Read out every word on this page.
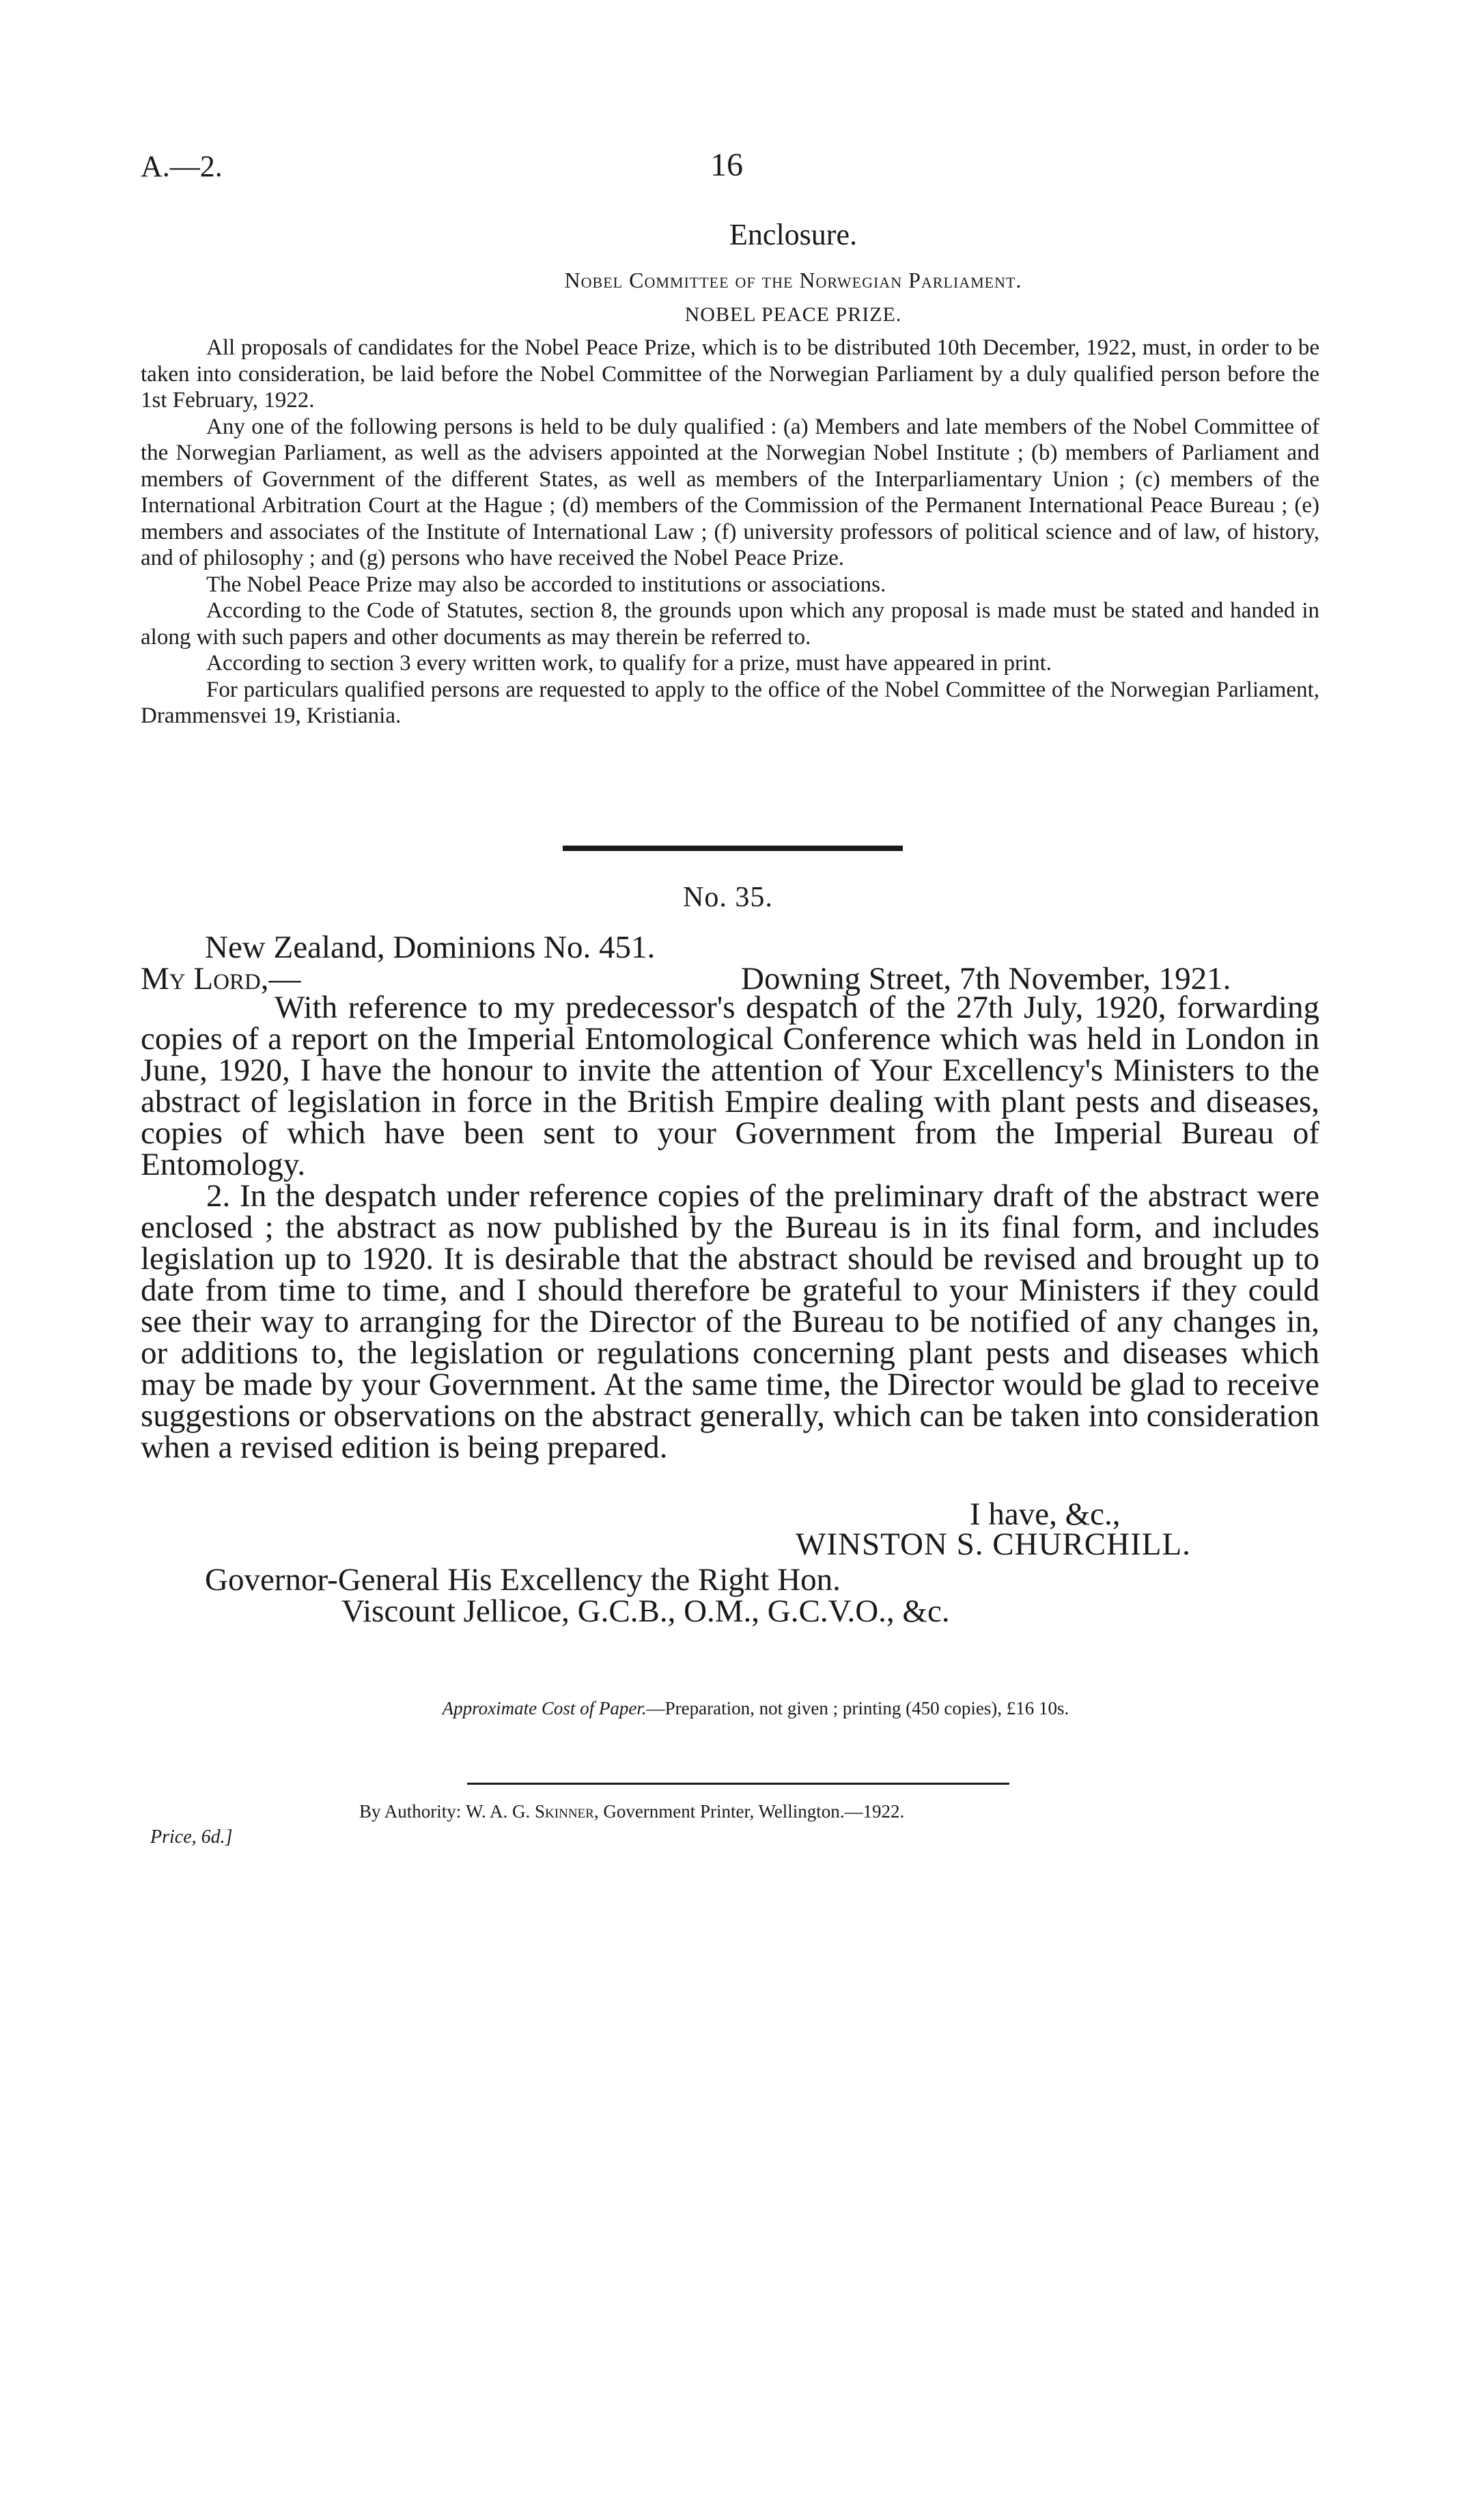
A.—2.	16
Enclosure.
Nobel Committee of the Norwegian Parliament.
NOBEL PEACE PRIZE.

All proposals of candidates for the Nobel Peace Prize, which is to be distributed 10th December, 1922, must, in order to be taken into consideration, be laid before the Nobel Committee of the Norwegian Parliament by a duly qualified person before the 1st February, 1922.

Any one of the following persons is held to be duly qualified : (a) Members and late members of the Nobel Committee of the Norwegian Parliament, as well as the advisers appointed at the Norwegian Nobel Institute ; (b) members of Parliament and members of Government of the different States, as well as members of the Interparliamentary Union ; (c) members of the International Arbitration Court at the Hague ; (d) members of the Commission of the Permanent International Peace Bureau ; (e) members and associates of the Institute of International Law ; (f) university professors of political science and of law, of history, and of philosophy ; and (g) persons who have received the Nobel Peace Prize.

The Nobel Peace Prize may also be accorded to institutions or associations.

According to the Code of Statutes, section 8, the grounds upon which any proposal is made must be stated and handed in along with such papers and other documents as may therein be referred to.

According to section 3 every written work, to qualify for a prize, must have appeared in print.

For particulars qualified persons are requested to apply to the office of the Nobel Committee of the Norwegian Parliament, Drammensvei 19, Kristiania.

No. 35.
New Zealand, Dominions No. 451.
My Lord,—	Downing Street, 7th November, 1921.

With reference to my predecessor's despatch of the 27th July, 1920, forwarding copies of a report on the Imperial Entomological Conference which was held in London in June, 1920, I have the honour to invite the attention of Your Excellency's Ministers to the abstract of legislation in force in the British Empire dealing with plant pests and diseases, copies of which have been sent to your Government from the Imperial Bureau of Entomology.

2. In the despatch under reference copies of the preliminary draft of the abstract were enclosed ; the abstract as now published by the Bureau is in its final form, and includes legislation up to 1920. It is desirable that the abstract should be revised and brought up to date from time to time, and I should therefore be grateful to your Ministers if they could see their way to arranging for the Director of the Bureau to be notified of any changes in, or additions to, the legislation or regulations concerning plant pests and diseases which may be made by your Government. At the same time, the Director would be glad to receive suggestions or observations on the abstract generally, which can be taken into consideration when a revised edition is being prepared.

I have, &c.,
WINSTON S. CHURCHILL.
Governor-General His Excellency the Right Hon.
Viscount Jellicoe, G.C.B., O.M., G.C.V.O., &c.
Approximate Cost of Paper.—Preparation, not given ; printing (450 copies), £16 10s.
By Authority: W. A. G. Skinner, Government Printer, Wellington.—1922.
Price, 6d.]
